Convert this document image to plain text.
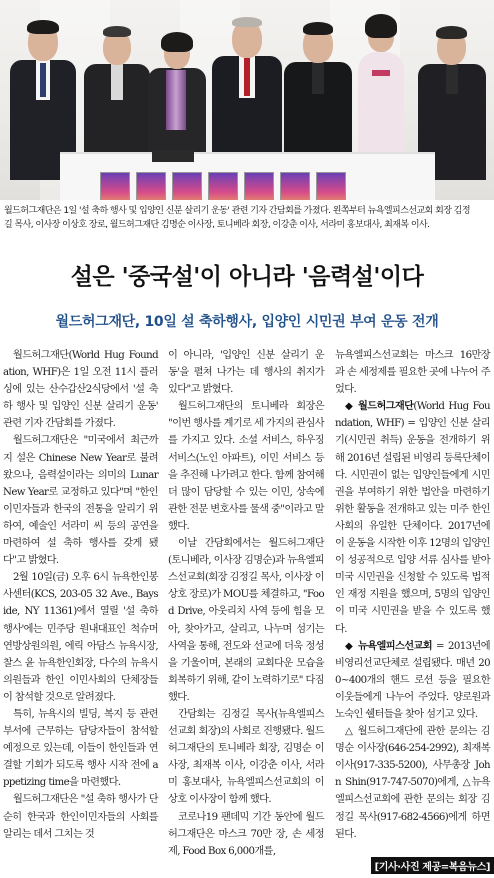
월드허그재단은 1일 '설 축하 행사 및 입양인 신분 살리기 운동' 관련 기자 간담회를 가졌다. 왼쪽부터 뉴욕엘피스선교회 회장 김정
길 목사, 이사장 이상호 장로, 월드허그재단 김명순 이사장, 토니베라 회장, 이강춘 이사, 서라미 홍보대사, 최재복 이사.
설은 '중국설'이 아니라 '음력설'이다
월드허그재단, 10일 설 축하행사, 입양인 시민권 부여 운동 전개

월드허그재단(World Hug Foundation, WHF)은 1일 오전 11시 플러싱에 있는 산수갑산2식당에서 '설 축하 행사 및 입양인 신분 살리기 운동' 관련 기자 간담회를 가졌다.

월드허그재단은 "미국에서 최근까지 설은 Chinese New Year로 불려왔으나, 음력설이라는 의미의 Lunar New Year로 교정하고 있다"며 "한인 이민자들과 한국의 전통을 알리기 위하여, 예술인 서라미 씨 등의 공연을 마련하여 설 축하 행사를 갖게 됐다"고 밝혔다.

2월 10일(금) 오후 6시 뉴욕한인봉사센터(KCS, 203-05 32 Ave., Bayside, NY 11361)에서 열릴 '설 축하 행사'에는 민주당 원내대표인 척슈머 연방상원의원, 에릭 아담스 뉴욕시장, 찰스 윤 뉴욕한인회장, 다수의 뉴욕시 의원들과 한인 이민사회의 단체장들이 참석할 것으로 알려졌다.

특히, 뉴욕시의 빌딩, 복지 등 관련 부서에 근무하는 담당자들이 참석할 예정으로 있는데, 이들이 한인들과 연결할 기회가 되도록 행사 시작 전에 appetizing time을 마련했다.

월드허그재단은 "설 축하 행사가 단순히 한국과 한인이민자들의 사회를 알리는 데서 그치는 것

이 아니라, '입양인 신분 살리기 운동'을 펼쳐 나가는 데 행사의 취지가 있다"고 밝혔다.

월드허그재단의 토니베라 회장은 "이번 행사를 계기로 세 가지의 관심사를 가지고 있다. 소셜 서비스, 하우징 서비스(노인 아파트), 이민 서비스 등을 추진해 나가려고 한다. 함께 참여해 더 많이 담당할 수 있는 이민, 상속에 관한 전문 변호사를 물색 중"이라고 말했다.

이날 간담회에서는 월드허그재단(토니베라, 이사장 김명순)과 뉴욕엘피스선교회(회장 김정길 목사, 이사장 이상호 장로)가 MOU를 체결하고, "Food Drive, 아웃리치 사역 등에 힘을 모아, 찾아가고, 살리고, 나누며 섬기는 사역을 통해, 전도와 선교에 더욱 정성을 기울이며, 본래의 교회다운 모습을 회복하기 위해, 같이 노력하기로" 다짐했다.

간담회는 김정길 목사(뉴욕엘피스선교회 회장)의 사회로 진행됐다. 월드허그재단의 토니베라 회장, 김명순 이사장, 최재복 이사, 이강춘 이사, 서라미 홍보대사, 뉴욕엘피스선교회의 이상호 이사장이 함께 했다.

코로나19 팬데믹 기간 동안에 월드허그재단은 마스크 70만 장, 손 세정제, Food Box 6,000개를,

뉴욕엘피스선교회는 마스크 16만장과 손 세정제를 필요한 곳에 나누어 주었다.

◆ 월드허그재단(World Hug Foundation, WHF) = 입양인 신분 살리기(시민권 취득) 운동을 전개하기 위해 2016년 설립된 비영리 등록단체이다. 시민권이 없는 입양인들에게 시민권을 부여하기 위한 법안을 마련하기 위한 활동을 전개하고 있는 미주 한인사회의 유일한 단체이다. 2017년에 이 운동을 시작한 이후 12명의 입양인이 성공적으로 입양 서류 심사를 받아 미국 시민권을 신청할 수 있도록 법적인 재정 지원을 했으며, 5명의 입양인이 미국 시민권을 받을 수 있도록 했다.

◆ 뉴욕엘피스선교회 = 2013년에 비영리선교단체로 설립됐다. 매년 200~400개의 핸드 로션 등을 필요한 이웃들에게 나누어 주었다. 양로원과 노숙인 쉘터들을 찾아 섬기고 있다.

△ 월드허그재단에 관한 문의는 김명순 이사장(646-254-2992), 최재복 이사(917-335-5200), 사무총장 John Shin(917-747-5070)에게, △뉴욕엘피스선교회에 관한 문의는 회장 김정길 목사(917-682-4566)에게 하면 된다.

[기사·사진 제공=복음뉴스]
